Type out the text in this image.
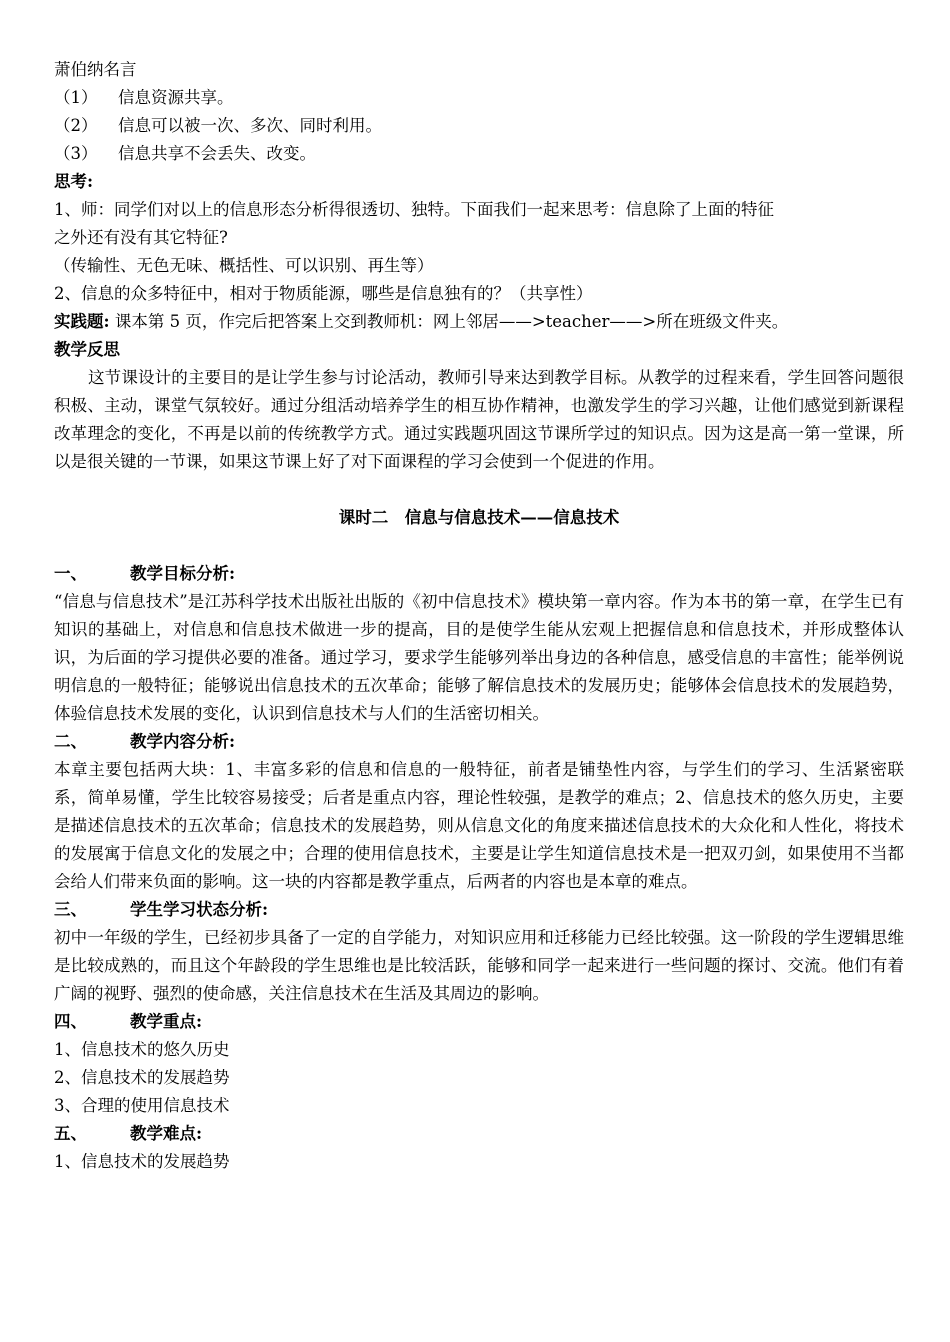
萧伯纳名言
（1） 信息资源共享。
（2） 信息可以被一次、多次、同时利用。
（3） 信息共享不会丢失、改变。
思考:
1、师：同学们对以上的信息形态分析得很透切、独特。下面我们一起来思考：信息除了上面的特征
之外还有没有其它特征?
（传输性、无色无味、概括性、可以识别、再生等）
2、信息的众多特征中，相对于物质能源，哪些是信息独有的？（共享性）
实践题: 课本第 5 页，作完后把答案上交到教师机：网上邻居——>teacher——>所在班级文件夹。
教学反思
这节课设计的主要目的是让学生参与讨论活动，教师引导来达到教学目标。从教学的过程来看，学生回答问题很积极、主动，课堂气氛较好。通过分组活动培养学生的相互协作精神，也激发学生的学习兴趣，让他们感觉到新课程改革理念的变化，不再是以前的传统教学方式。通过实践题巩固这节课所学过的知识点。因为这是高一第一堂课，所以是很关键的一节课，如果这节课上好了对下面课程的学习会使到一个促进的作用。
课时二　信息与信息技术——信息技术
一、	教学目标分析:
“信息与信息技术”是江苏科学技术出版社出版的《初中信息技术》模块第一章内容。作为本书的第一章，在学生已有知识的基础上，对信息和信息技术做进一步的提高，目的是使学生能从宏观上把握信息和信息技术，并形成整体认识，为后面的学习提供必要的准备。通过学习，要求学生能够列举出身边的各种信息，感受信息的丰富性；能举例说明信息的一般特征；能够说出信息技术的五次革命；能够了解信息技术的发展历史；能够体会信息技术的发展趋势，体验信息技术发展的变化，认识到信息技术与人们的生活密切相关。
二、	教学内容分析:
本章主要包括两大块：1、丰富多彩的信息和信息的一般特征，前者是铺垫性内容，与学生们的学习、生活紧密联系，简单易懂，学生比较容易接受；后者是重点内容，理论性较强，是教学的难点；2、信息技术的悠久历史，主要是描述信息技术的五次革命；信息技术的发展趋势，则从信息文化的角度来描述信息技术的大众化和人性化，将技术的发展寓于信息文化的发展之中；合理的使用信息技术，主要是让学生知道信息技术是一把双刃剑，如果使用不当都会给人们带来负面的影响。这一块的内容都是教学重点，后两者的内容也是本章的难点。
三、	学生学习状态分析:
初中一年级的学生，已经初步具备了一定的自学能力，对知识应用和迁移能力已经比较强。这一阶段的学生逻辑思维是比较成熟的，而且这个年龄段的学生思维也是比较活跃，能够和同学一起来进行一些问题的探讨、交流。他们有着广阔的视野、强烈的使命感，关注信息技术在生活及其周边的影响。
四、	教学重点:
1、信息技术的悠久历史
2、信息技术的发展趋势
3、合理的使用信息技术
五、	教学难点:
1、信息技术的发展趋势
